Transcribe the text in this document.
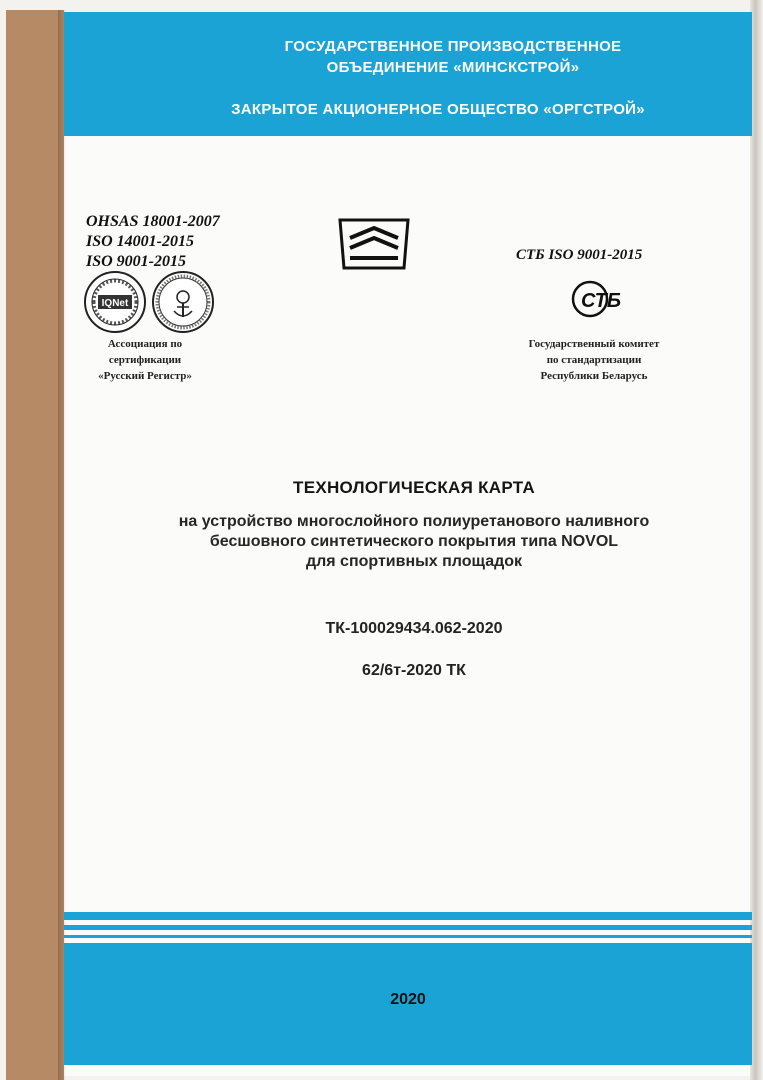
ГОСУДАРСТВЕННОЕ ПРОИЗВОДСТВЕННОЕ
ОБЪЕДИНЕНИЕ «МИНСКСТРОЙ»
ЗАКРЫТОЕ АКЦИОНЕРНОЕ ОБЩЕСТВО «ОРГСТРОЙ»
OHSAS 18001-2007
ISO 14001-2015
ISO 9001-2015
IQNet
Ассоциация по
сертификации
«Русский Регистр»
СТБ ISO 9001-2015
СТБ
Государственный комитет
по стандартизации
Республики Беларусь
ТЕХНОЛОГИЧЕСКАЯ КАРТА
на устройство многослойного полиуретанового наливного
бесшовного синтетического покрытия типа NOVOL
для спортивных площадок
ТК-100029434.062-2020
62/6т-2020 ТК
2020
